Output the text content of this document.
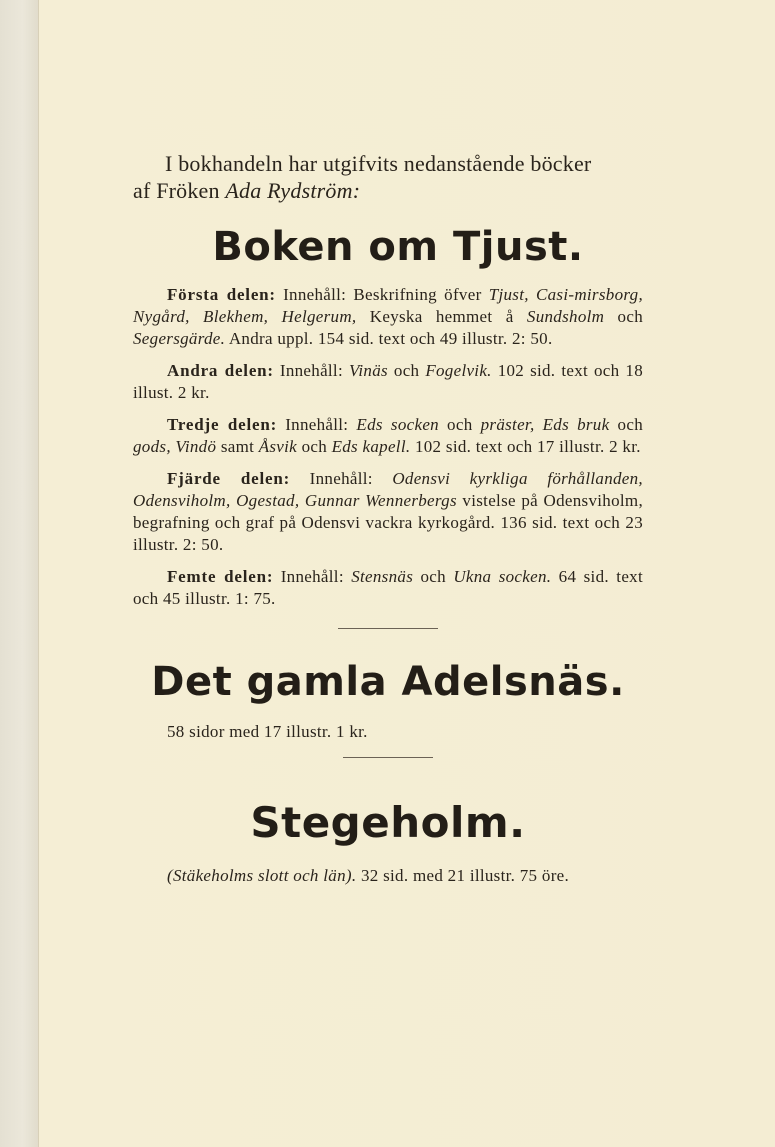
I bokhandeln har utgifvits nedanstående böcker
af Fröken Ada Rydström:
Boken om Tjust.
Första delen: Innehåll: Beskrifning öfver Tjust, Casi-mirsborg, Nygård, Blekhem, Helgerum, Keyska hemmet å Sundsholm och Segersgärde. Andra uppl. 154 sid. text och 49 illustr. 2: 50.
Andra delen: Innehåll: Vinäs och Fogelvik. 102 sid. text och 18 illust. 2 kr.
Tredje delen: Innehåll: Eds socken och präster, Eds bruk och gods, Vindö samt Åsvik och Eds kapell. 102 sid. text och 17 illustr. 2 kr.
Fjärde delen: Innehåll: Odensvi kyrkliga förhållanden, Odensviholm, Ogestad, Gunnar Wennerbergs vistelse på Odensviholm, begrafning och graf på Odensvi vackra kyrkogård. 136 sid. text och 23 illustr. 2: 50.
Femte delen: Innehåll: Stensnäs och Ukna socken. 64 sid. text och 45 illustr. 1: 75.
Det gamla Adelsnäs.
58 sidor med 17 illustr. 1 kr.
Stegeholm.
(Stäkeholms slott och län). 32 sid. med 21 illustr. 75 öre.
